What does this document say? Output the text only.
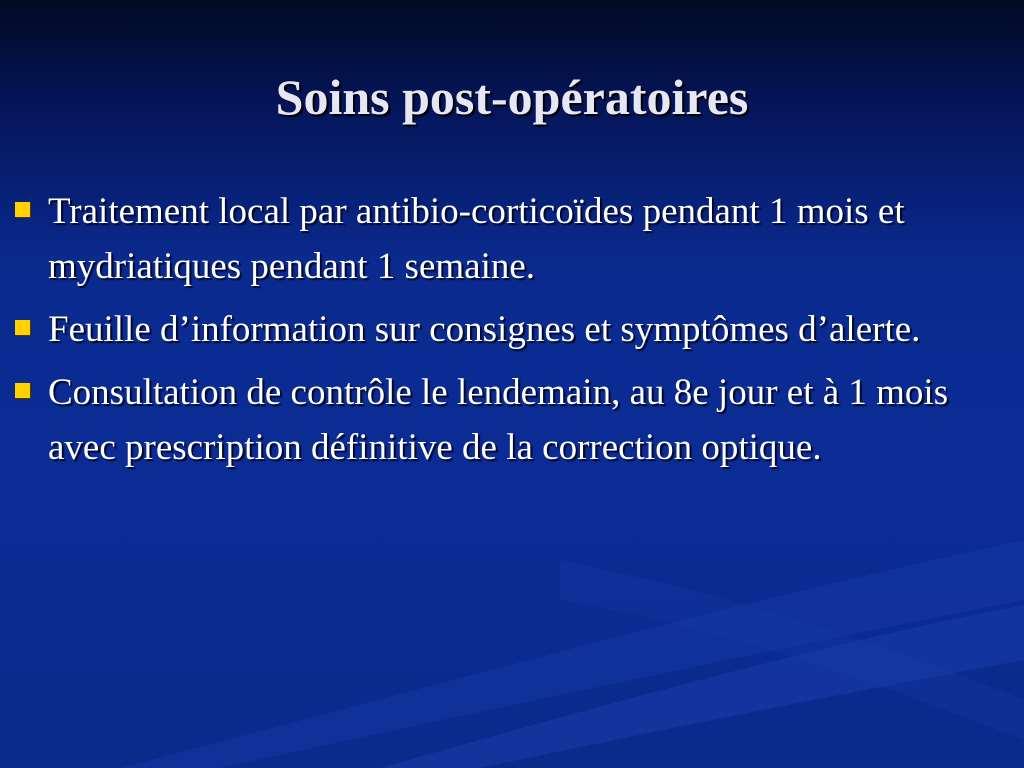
Soins post-opératoires
Traitement local par antibio-corticoïdes pendant 1 mois et mydriatiques pendant 1 semaine.
Feuille d’information sur consignes et symptômes d’alerte.
Consultation de contrôle le lendemain, au 8e jour et à 1 mois avec prescription définitive de la correction optique.
